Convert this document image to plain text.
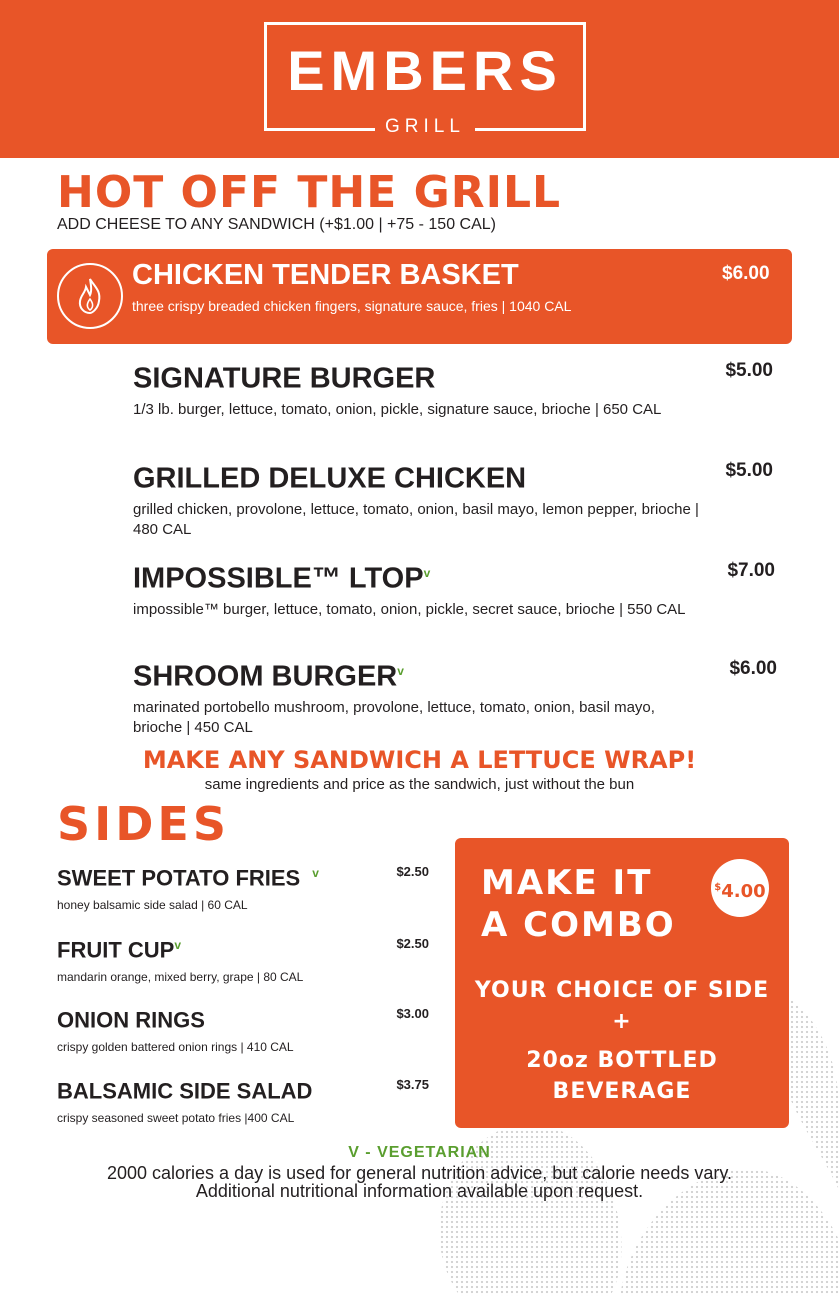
EMBERS
GRILL
HOT OFF THE GRILL
ADD CHEESE TO ANY SANDWICH (+$1.00 | +75 - 150 CAL)
CHICKEN TENDER BASKET
three crispy breaded chicken fingers, signature sauce, fries | 1040 CAL
$6.00
SIGNATURE BURGER
1/3 lb. burger, lettuce, tomato, onion, pickle, signature sauce, brioche | 650 CAL
$5.00
GRILLED DELUXE CHICKEN
grilled chicken, provolone, lettuce, tomato, onion, basil mayo, lemon pepper, brioche | 480 CAL
$5.00
IMPOSSIBLE™ LTOP$^v$
impossible™ burger, lettuce, tomato, onion, pickle, secret sauce, brioche | 550 CAL
$7.00
SHROOM BURGER$^v$
marinated portobello mushroom, provolone, lettuce, tomato, onion, basil mayo, brioche | 450 CAL
$6.00
MAKE ANY SANDWICH A LETTUCE WRAP!
same ingredients and price as the sandwich, just without the bun
SIDES
SWEET POTATO FRIES $^v$
honey balsamic side salad | 60 CAL
$2.50
FRUIT CUP$^v$
mandarin orange, mixed berry, grape | 80 CAL
$2.50
ONION RINGS
crispy golden battered onion rings | 410 CAL
$3.00
BALSAMIC SIDE SALAD
crispy seasoned sweet potato fries |400 CAL
$3.75
MAKE IT
A COMBO
$4.00
YOUR CHOICE OF SIDE
+
20oz BOTTLED
BEVERAGE
V - VEGETARIAN
2000 calories a day is used for general nutrition advice, but calorie needs vary.
Additional nutritional information available upon request.
